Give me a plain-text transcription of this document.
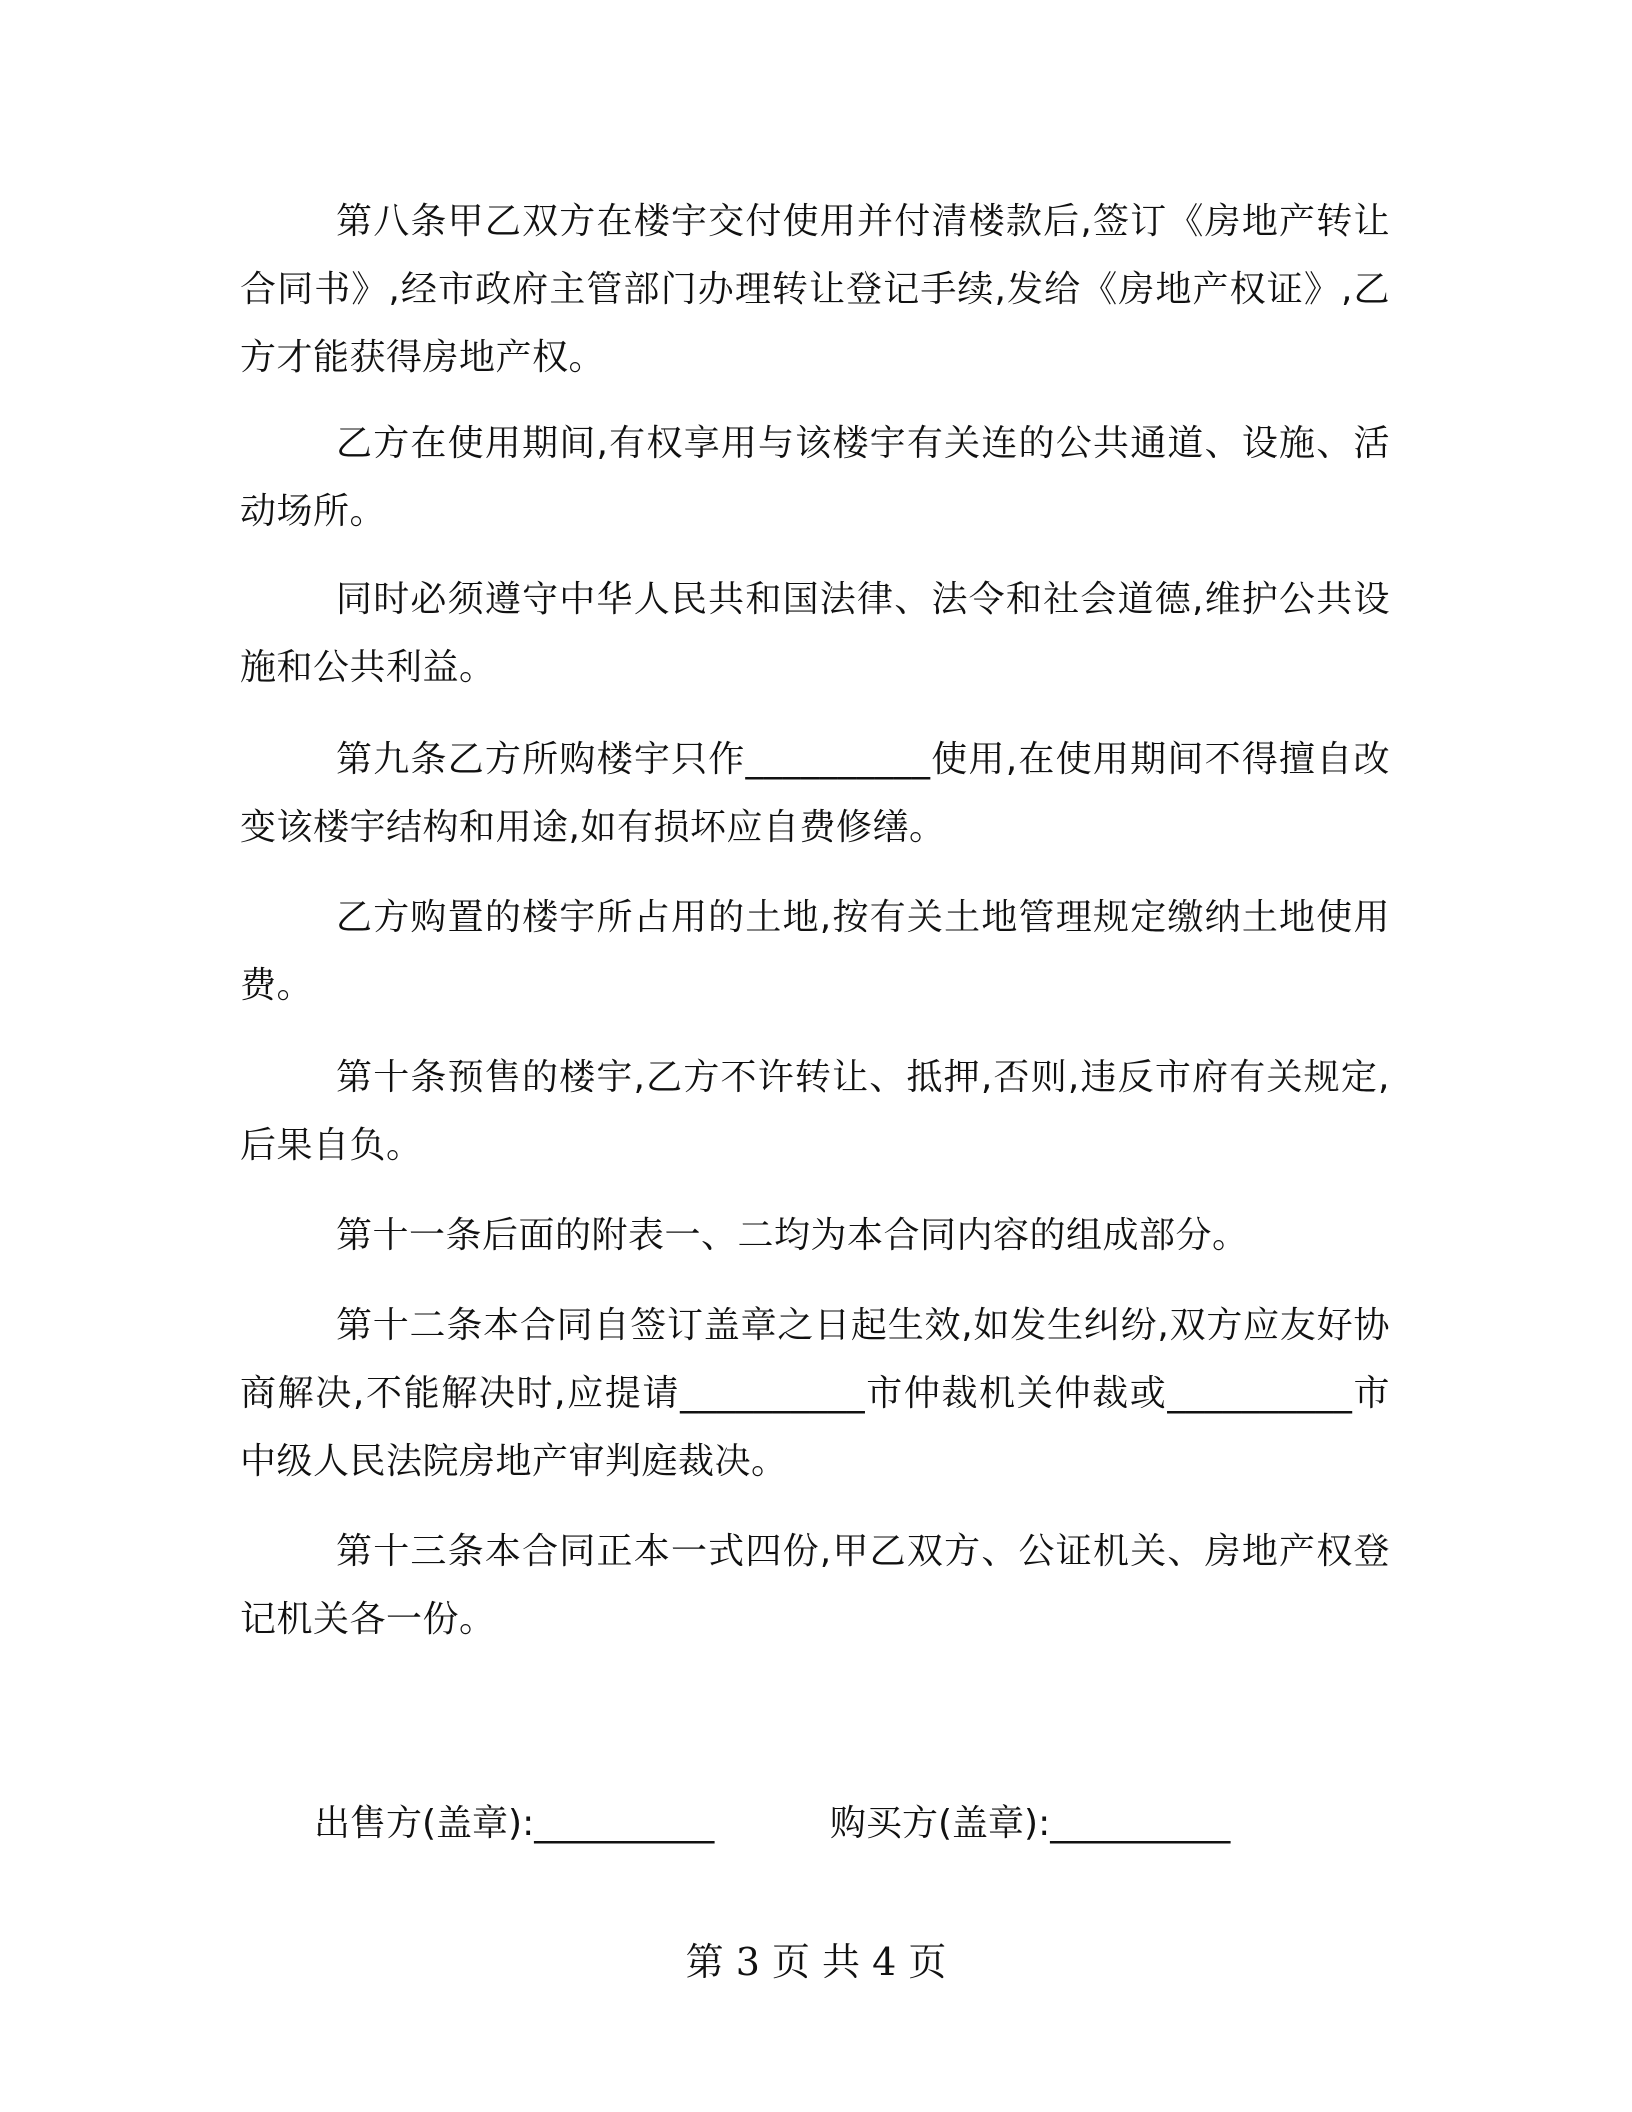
第八条甲乙双方在楼宇交付使用并付清楼款后,签订《房地产转让合同书》,经市政府主管部门办理转让登记手续,发给《房地产权证》,乙方才能获得房地产权。

乙方在使用期间,有权享用与该楼宇有关连的公共通道、设施、活动场所。

同时必须遵守中华人民共和国法律、法令和社会道德,维护公共设施和公共利益。

第九条乙方所购楼宇只作__________使用,在使用期间不得擅自改变该楼宇结构和用途,如有损坏应自费修缮。

乙方购置的楼宇所占用的土地,按有关土地管理规定缴纳土地使用费。

第十条预售的楼宇,乙方不许转让、抵押,否则,违反市府有关规定,后果自负。

第十一条后面的附表一、二均为本合同内容的组成部分。

第十二条本合同自签订盖章之日起生效,如发生纠纷,双方应友好协商解决,不能解决时,应提请__________市仲裁机关仲裁或__________市中级人民法院房地产审判庭裁决。

第十三条本合同正本一式四份,甲乙双方、公证机关、房地产权登记机关各一份。

出售方(盖章):__________	购买方(盖章):__________
第 3 页 共 4 页
